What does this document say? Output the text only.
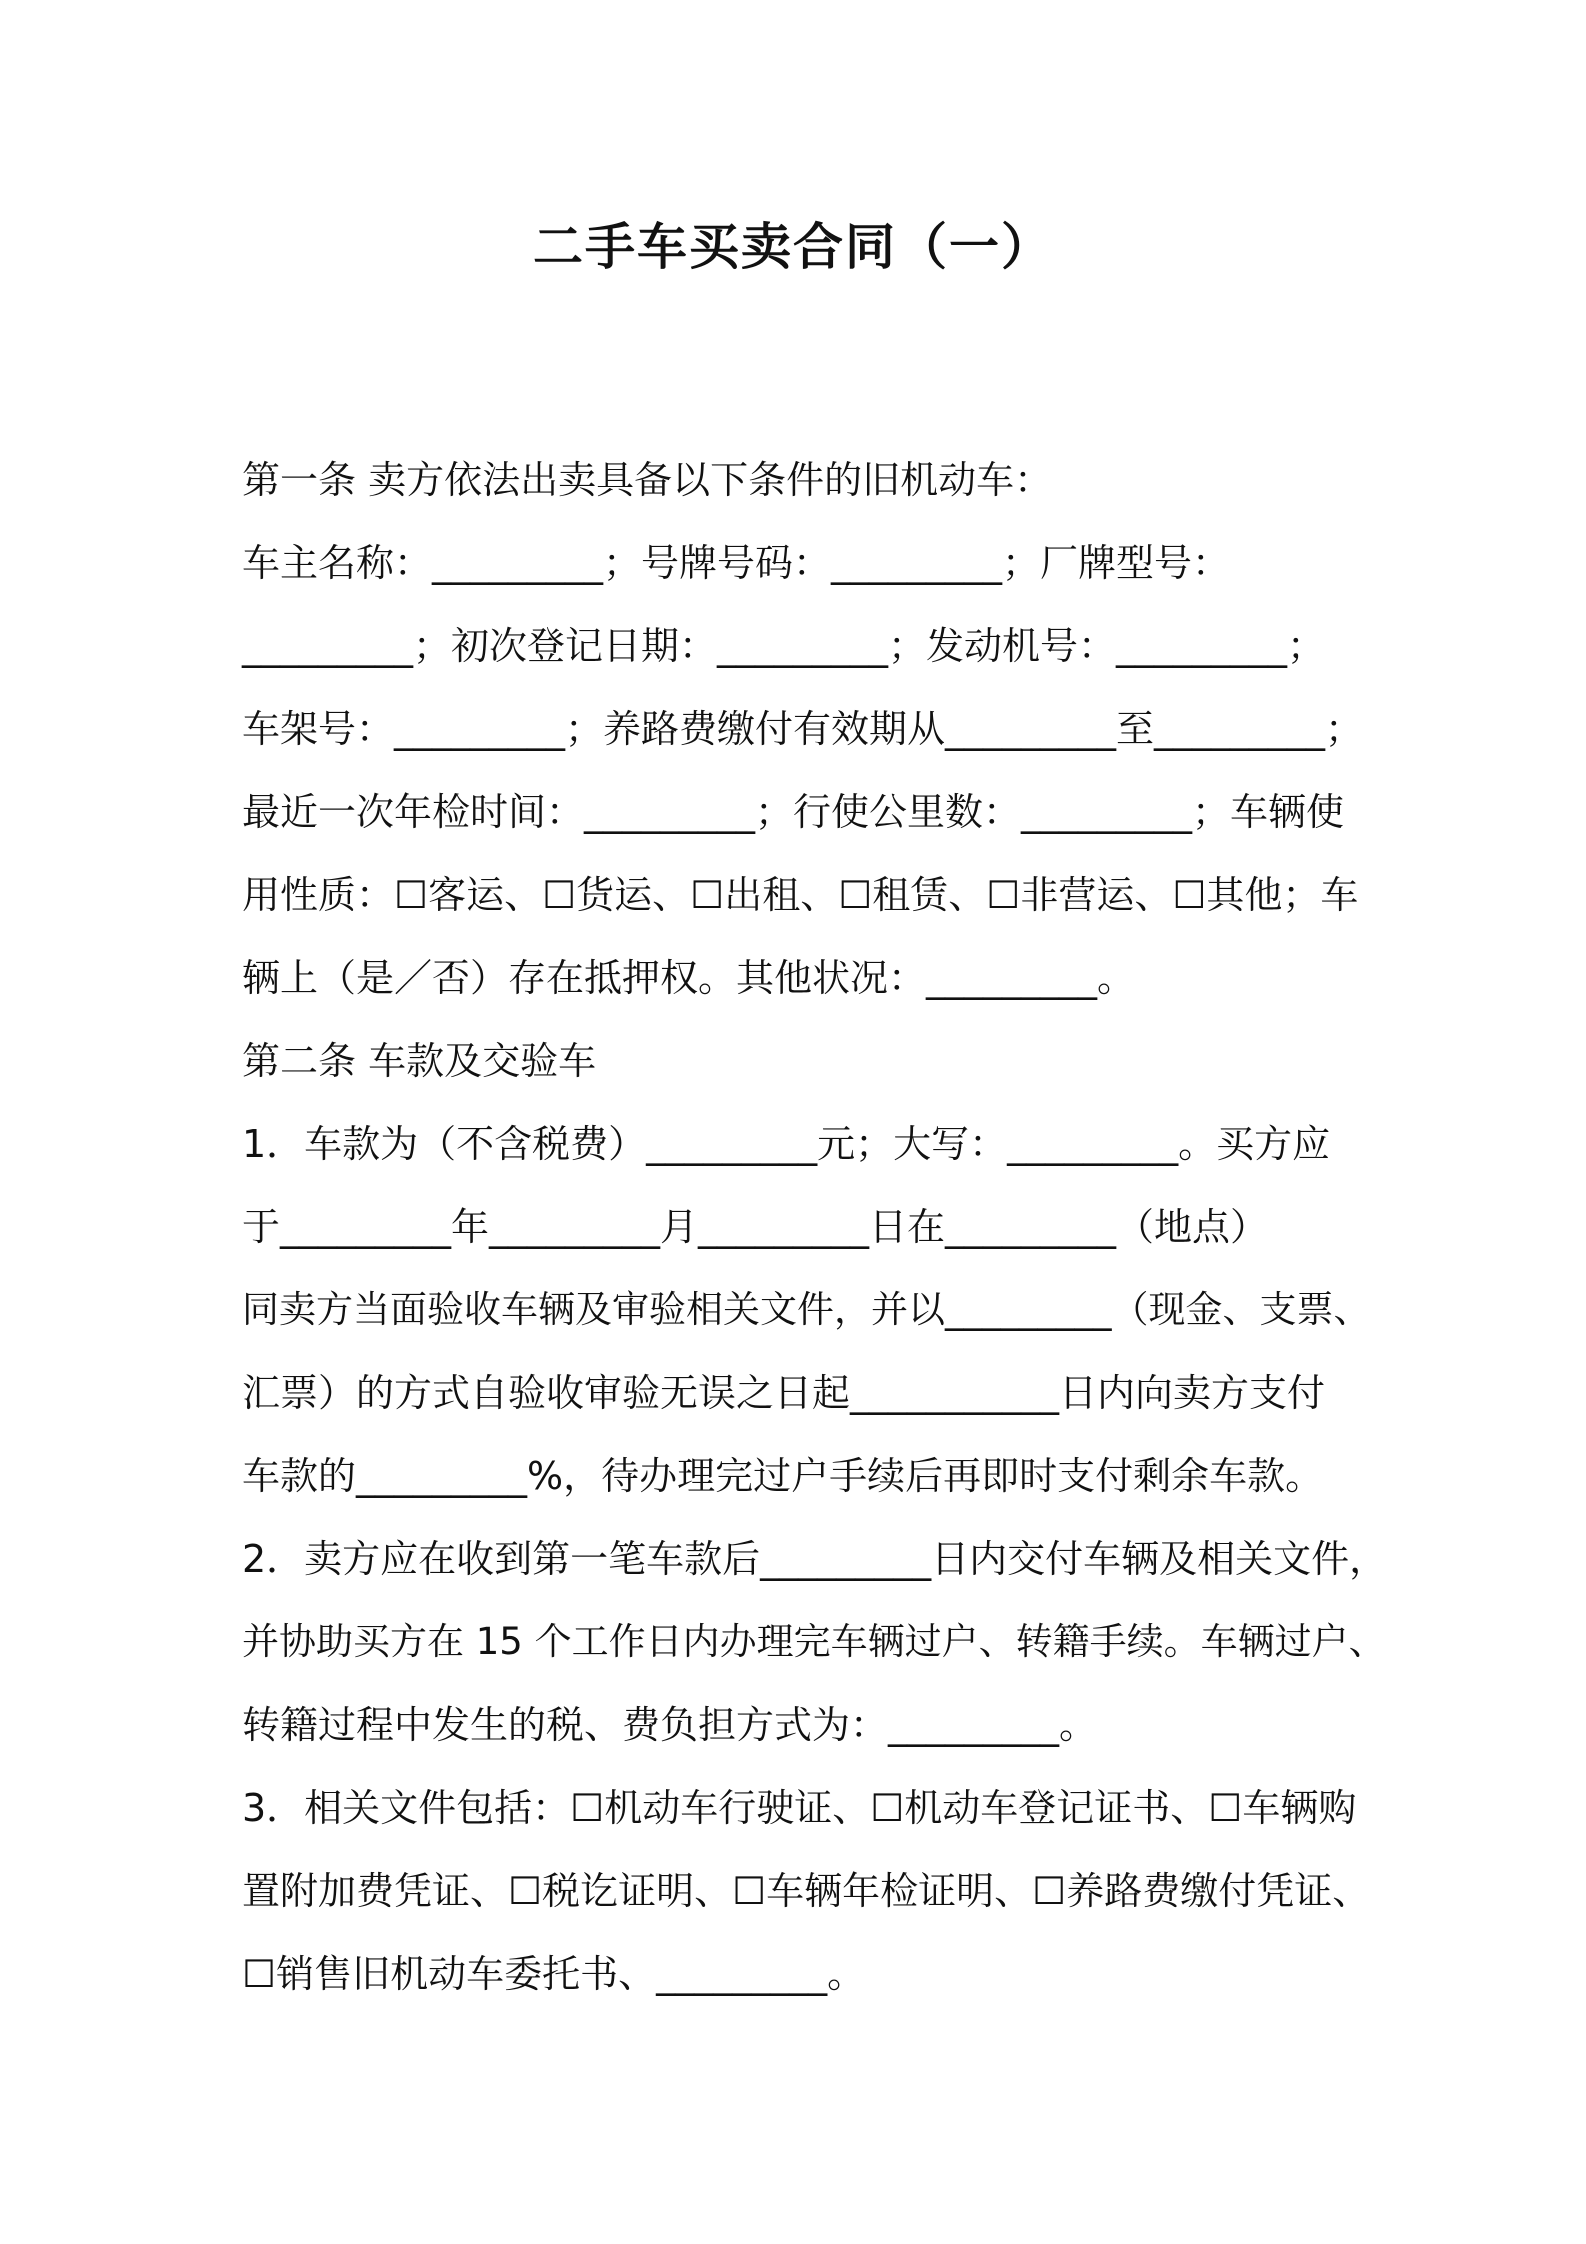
二手车买卖合同（一）
第一条 卖方依法出卖具备以下条件的旧机动车：
车主名称：_________；号牌号码：_________；厂牌型号：
_________；初次登记日期：_________；发动机号：_________；
车架号：_________；养路费缴付有效期从_________至_________；
最近一次年检时间：_________；行使公里数：_________；车辆使
用性质：☐客运、☐货运、☐出租、☐租赁、☐非营运、☐其他；车
辆上（是／否）存在抵押权。其他状况：_________。
第二条 车款及交验车
1．车款为（不含税费）_________元；大写：_________。买方应
于_________年_________月_________日在_________（地点）
同卖方当面验收车辆及审验相关文件，并以_________（现金、支票、
汇票）的方式自验收审验无误之日起___________日内向卖方支付
车款的_________%，待办理完过户手续后再即时支付剩余车款。
2．卖方应在收到第一笔车款后_________日内交付车辆及相关文件，
并协助买方在 15 个工作日内办理完车辆过户、转籍手续。车辆过户、
转籍过程中发生的税、费负担方式为：_________。
3．相关文件包括：☐机动车行驶证、☐机动车登记证书、☐车辆购
置附加费凭证、☐税讫证明、☐车辆年检证明、☐养路费缴付凭证、
☐销售旧机动车委托书、_________。
